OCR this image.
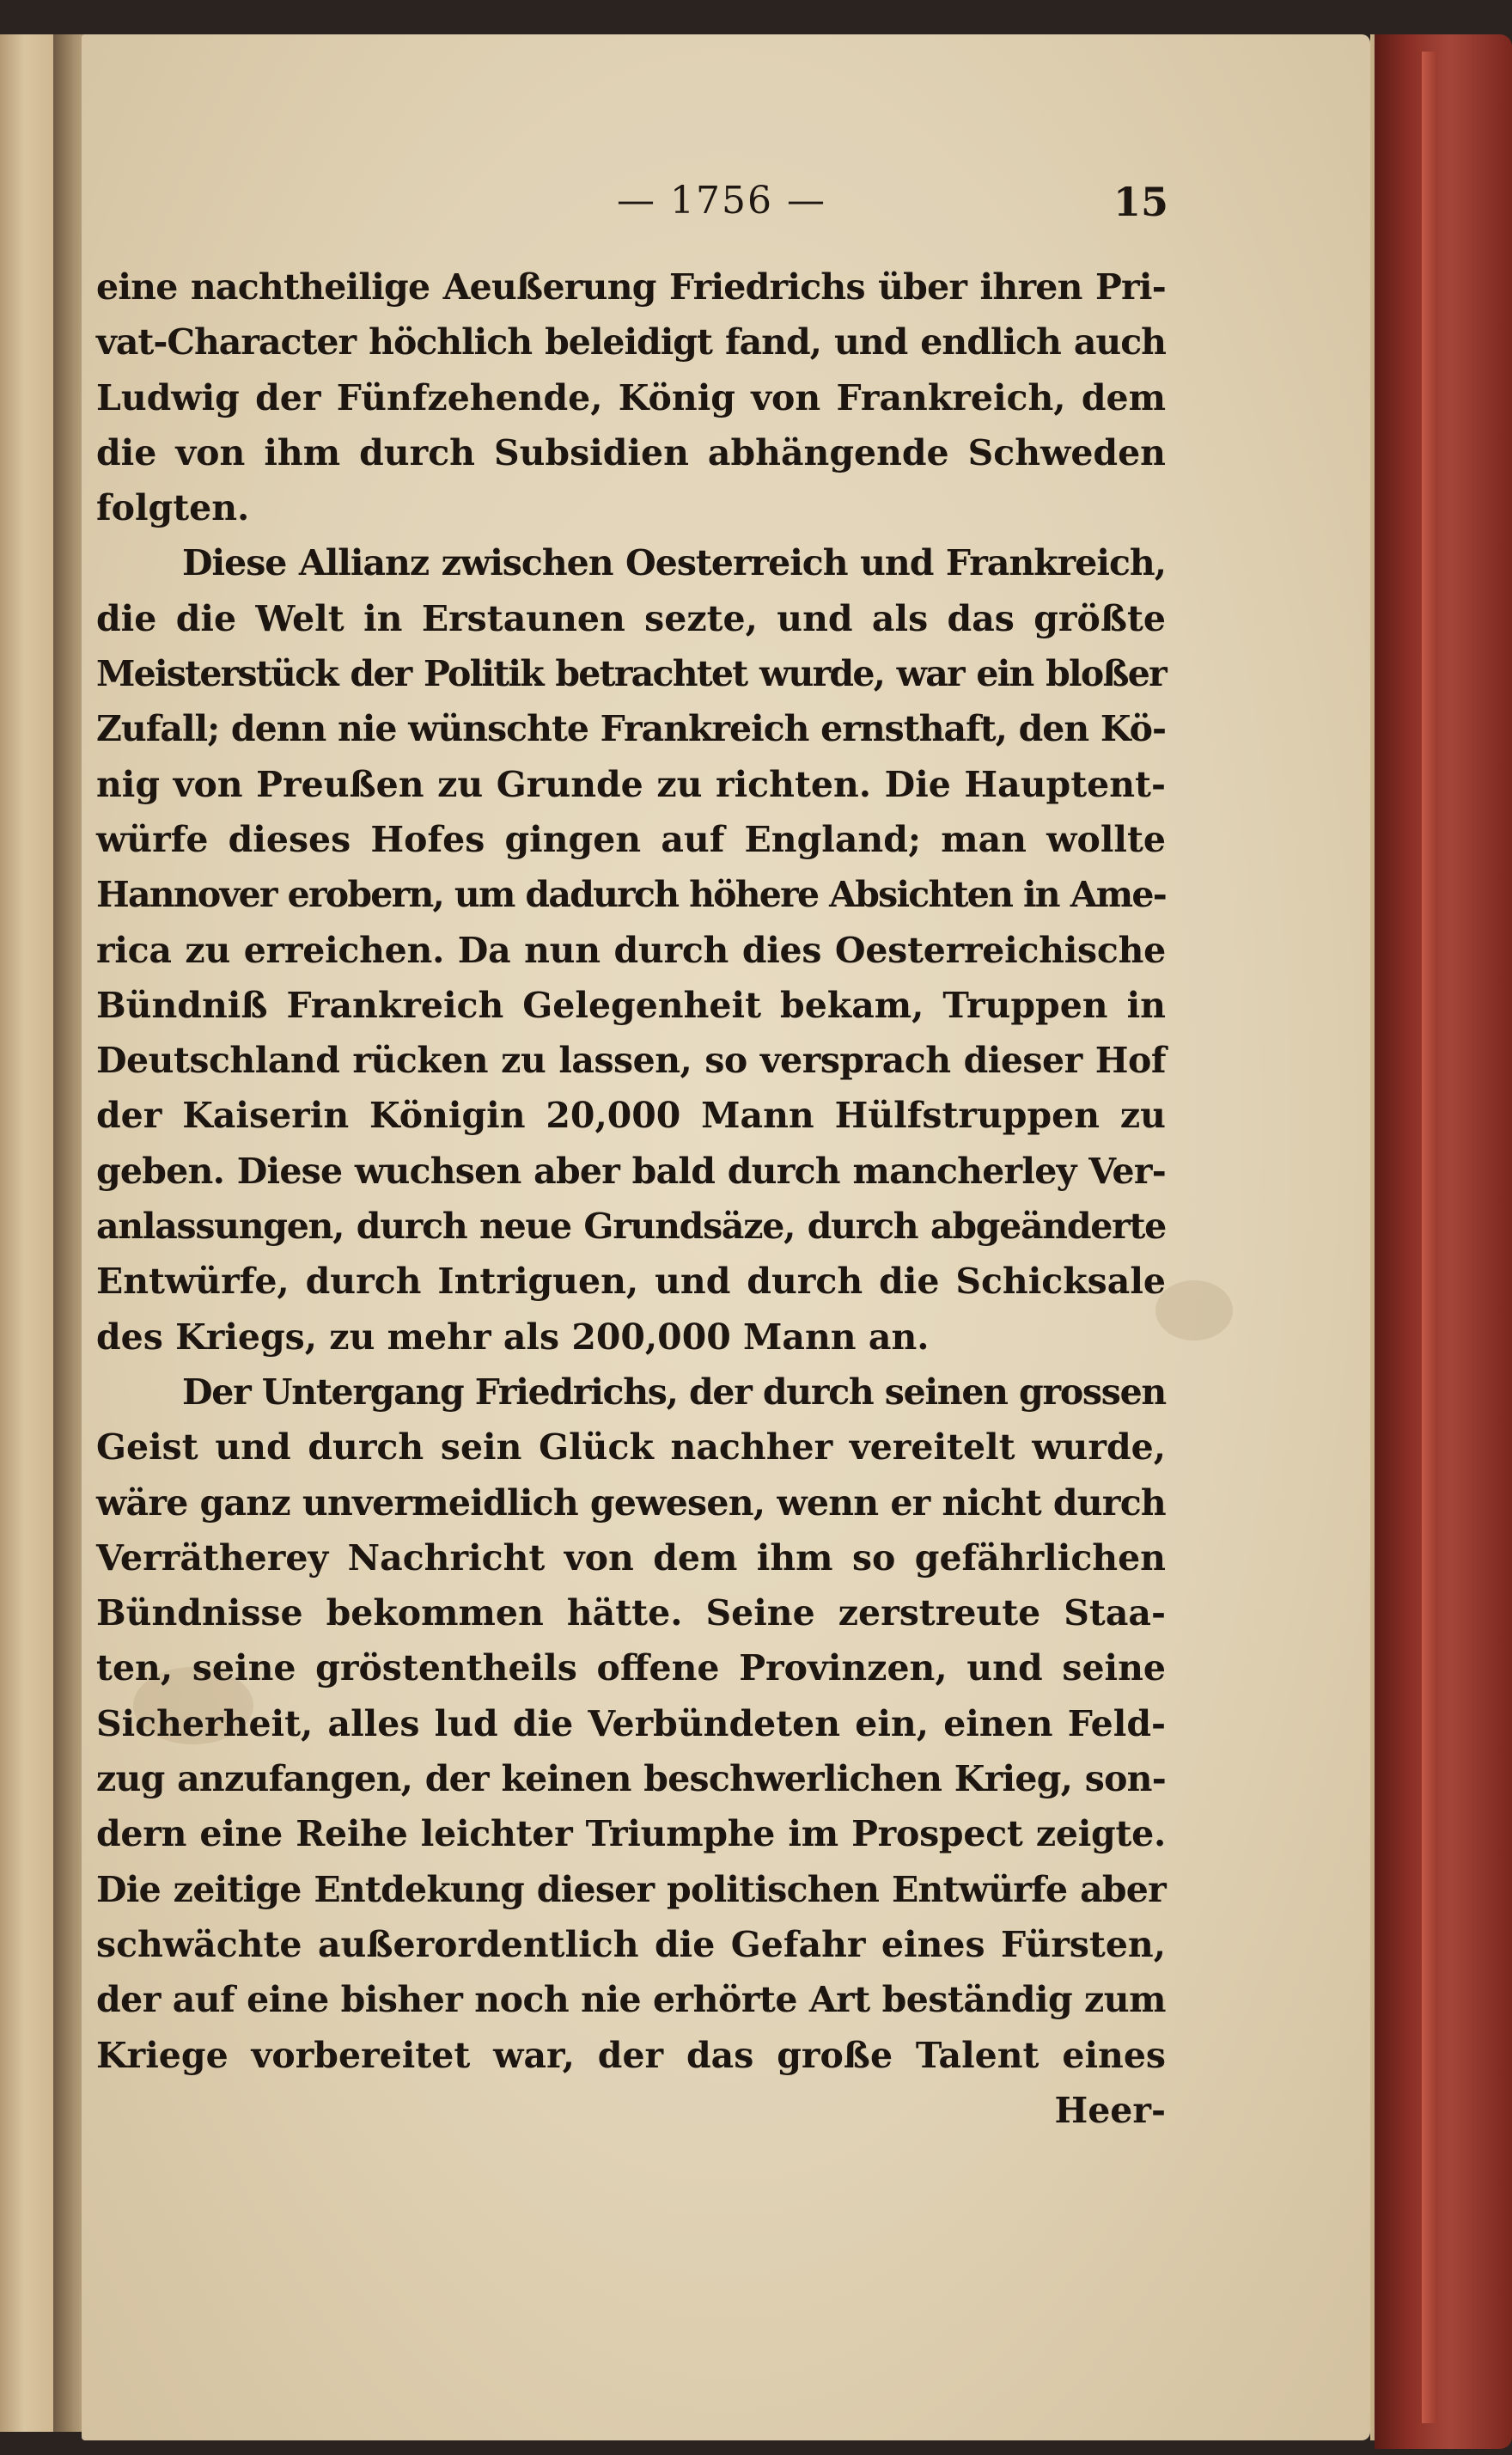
— 1756 —	15
eine nachtheilige Aeußerung Friedrichs über ihren Pri-
vat-Character höchlich beleidigt fand, und endlich auch
Ludwig der Fünfzehende, König von Frankreich, dem
die von ihm durch Subsidien abhängende Schweden
folgten.
Diese Allianz zwischen Oesterreich und Frankreich,
die die Welt in Erstaunen sezte, und als das größte
Meisterstück der Politik betrachtet wurde, war ein bloßer
Zufall; denn nie wünschte Frankreich ernsthaft, den Kö-
nig von Preußen zu Grunde zu richten. Die Hauptent-
würfe dieses Hofes gingen auf England; man wollte
Hannover erobern, um dadurch höhere Absichten in Ame-
rica zu erreichen. Da nun durch dies Oesterreichische
Bündniß Frankreich Gelegenheit bekam, Truppen in
Deutschland rücken zu lassen, so versprach dieser Hof
der Kaiserin Königin 20,000 Mann Hülfstruppen zu
geben. Diese wuchsen aber bald durch mancherley Ver-
anlassungen, durch neue Grundsäze, durch abgeänderte
Entwürfe, durch Intriguen, und durch die Schicksale
des Kriegs, zu mehr als 200,000 Mann an.
Der Untergang Friedrichs, der durch seinen grossen
Geist und durch sein Glück nachher vereitelt wurde,
wäre ganz unvermeidlich gewesen, wenn er nicht durch
Verrätherey Nachricht von dem ihm so gefährlichen
Bündnisse bekommen hätte. Seine zerstreute Staa-
ten, seine gröstentheils offene Provinzen, und seine
Sicherheit, alles lud die Verbündeten ein, einen Feld-
zug anzufangen, der keinen beschwerlichen Krieg, son-
dern eine Reihe leichter Triumphe im Prospect zeigte.
Die zeitige Entdekung dieser politischen Entwürfe aber
schwächte außerordentlich die Gefahr eines Fürsten,
der auf eine bisher noch nie erhörte Art beständig zum
Kriege vorbereitet war, der das große Talent eines
Heer-
